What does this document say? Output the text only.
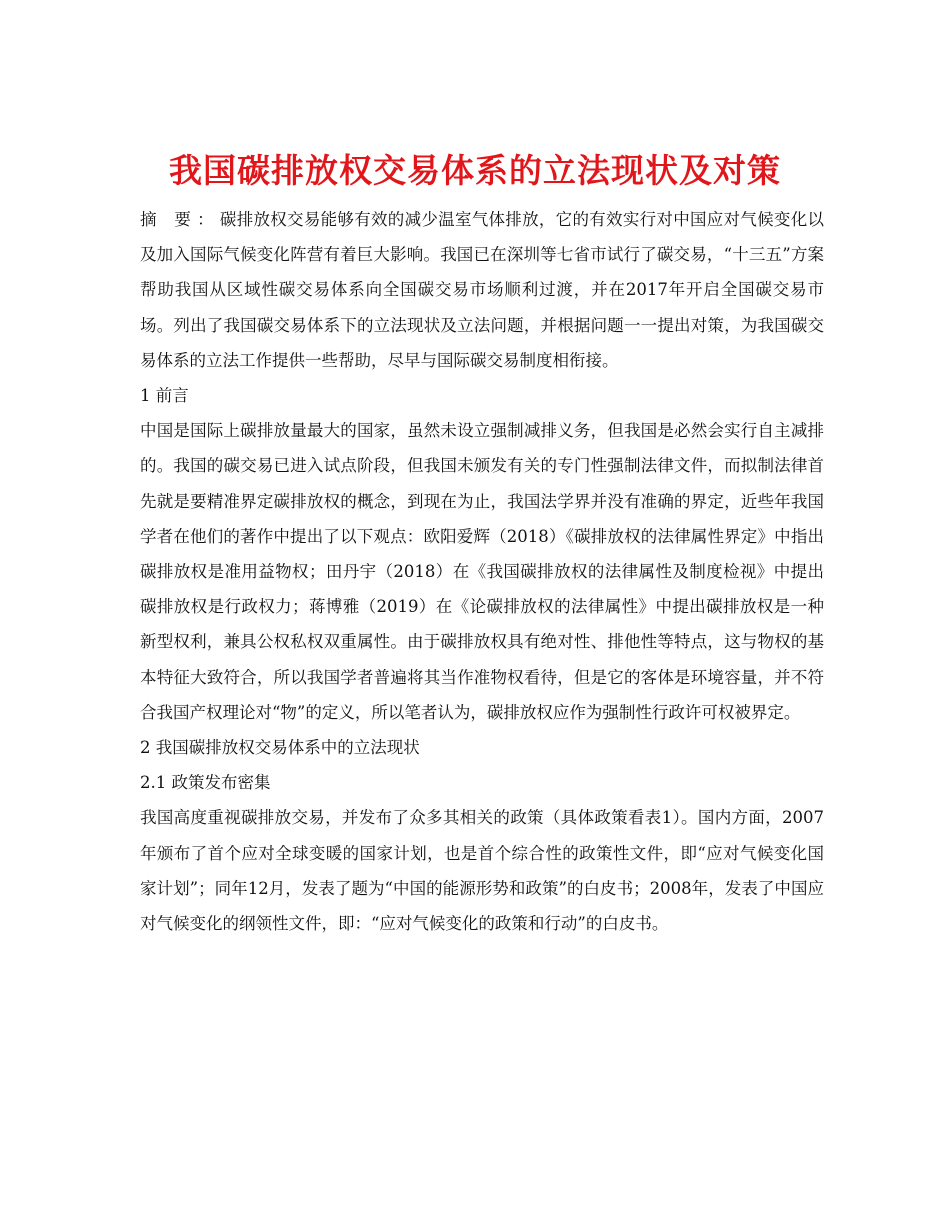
我国碳排放权交易体系的立法现状及对策

摘 要：碳排放权交易能够有效的减少温室气体排放，它的有效实行对中国应对气候变化以及加入国际气候变化阵营有着巨大影响。我国已在深圳等七省市试行了碳交易，“十三五”方案帮助我国从区域性碳交易体系向全国碳交易市场顺利过渡，并在2017年开启全国碳交易市场。列出了我国碳交易体系下的立法现状及立法问题，并根据问题一一提出对策，为我国碳交易体系的立法工作提供一些帮助，尽早与国际碳交易制度相衔接。

1 前言

中国是国际上碳排放量最大的国家，虽然未设立强制减排义务，但我国是必然会实行自主减排的。我国的碳交易已进入试点阶段，但我国未颁发有关的专门性强制法律文件，而拟制法律首先就是要精准界定碳排放权的概念，到现在为止，我国法学界并没有准确的界定，近些年我国学者在他们的著作中提出了以下观点：欧阳爱辉（2018）《碳排放权的法律属性界定》中指出碳排放权是准用益物权；田丹宇（2018）在《我国碳排放权的法律属性及制度检视》中提出碳排放权是行政权力；蒋博雅（2019）在《论碳排放权的法律属性》中提出碳排放权是一种新型权利，兼具公权私权双重属性。由于碳排放权具有绝对性、排他性等特点，这与物权的基本特征大致符合，所以我国学者普遍将其当作准物权看待，但是它的客体是环境容量，并不符合我国产权理论对“物”的定义，所以笔者认为，碳排放权应作为强制性行政许可权被界定。

2 我国碳排放权交易体系中的立法现状

2.1 政策发布密集

我国高度重视碳排放交易，并发布了众多其相关的政策（具体政策看表1）。国内方面，2007年颁布了首个应对全球变暖的国家计划，也是首个综合性的政策性文件，即“应对气候变化国家计划”；同年12月，发表了题为“中国的能源形势和政策”的白皮书；2008年，发表了中国应对气候变化的纲领性文件，即：“应对气候变化的政策和行动”的白皮书。
